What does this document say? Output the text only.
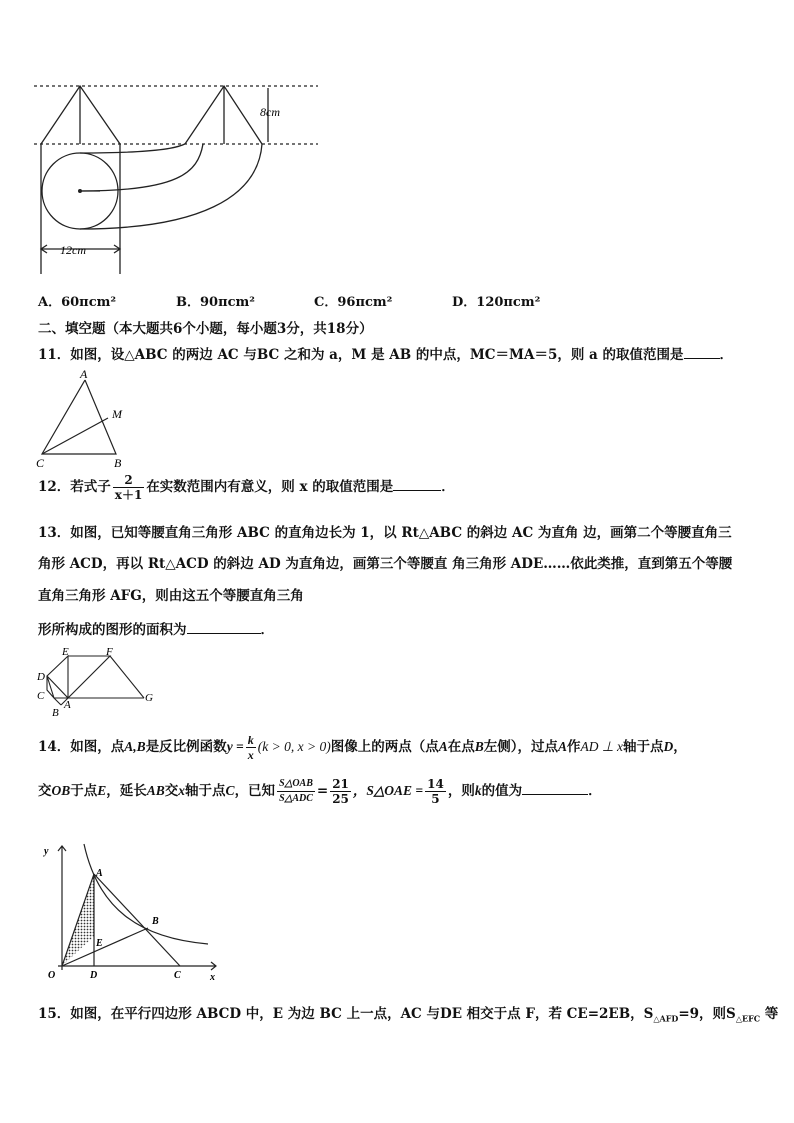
8cm
12cm
A．60πcm²	B．90πcm²	C．96πcm²	D．120πcm²
二、填空题（本大题共6个小题，每小题3分，共18分）
11．如图，设△ABC 的两边 AC 与BC 之和为 a，M 是 AB 的中点，MC＝MA＝5，则 a 的取值范围是	．
A
M
C	B
12．若式子 $\frac{2}{x+1}$ 在实数范围内有意义，则 x 的取值范围是	．
13．如图，已知等腰直角三角形 ABC 的直角边长为 1，以 Rt△ABC 的斜边 AC 为直角 边，画第二个等腰直角三
角形 ACD，再以 Rt△ACD 的斜边 AD 为直角边，画第三个等腰直 角三角形 ADE……依此类推，直到第五个等腰
直角三角形 AFG，则由这五个等腰直角三角
形所构成的图形的面积为	．
D
E	F
C
A
B
G
14．如图，点A,B是反比例函数$y = \frac{k}{x} (k > 0$, x > 0)图像上的两点（点A在点B左侧），过点A作AD ⊥ x轴于点D，
交OB于点E，延长AB交x轴于点C，已知 $\frac{\text{S△OAB}}{\text{S△ADC}} = \frac{21}{25}$ ，S△OAE = $\frac{14}{5}$ ，则k的值为	．
y
A
B
E
O	D	C	x
15．如图，在平行四边形 ABCD 中，E 为边 BC 上一点，AC 与DE 相交于点 F，若 CE=2EB，$S_{\triangle AFD}=9$，则$S_{\triangle EFC}$ 等
